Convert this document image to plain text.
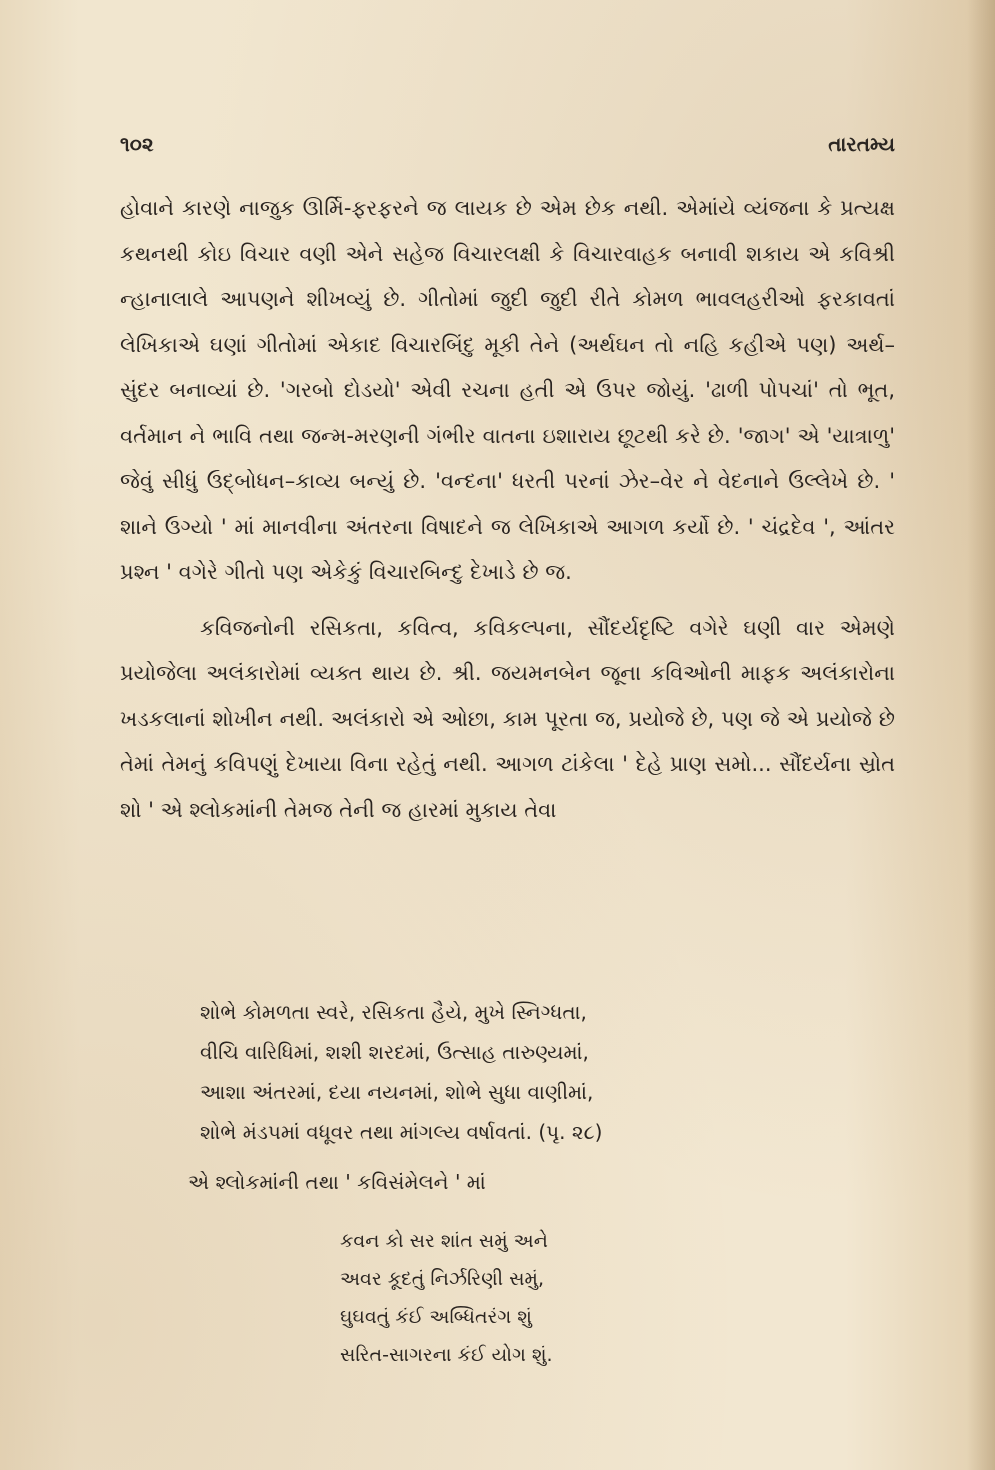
૧૦૨	તારતમ્ય

હોવાને કારણે નાજુક ઊર્મિ-ફરફરને જ લાયક છે એમ છેક નથી. એમાંયે વ્યંજના કે પ્રત્યક્ષ કથનથી કોઇ વિચાર વણી એને સહેજ વિચારલક્ષી કે વિચારવાહક બનાવી શકાય એ કવિશ્રી ન્હાનાલાલે આપણને શીખવ્યું છે. ગીતોમાં જુદી જુદી રીતે કોમળ ભાવલહરીઓ ફરકાવતાં લેખિકાએ ઘણાં ગીતોમાં એકાદ વિચારબિંદુ મૂકી તેને (અર્થઘન તો નહિ કહીએ પણ) અર્થ–સુંદર બનાવ્યાં છે. 'ગરબો દોડયો' એવી રચના હતી એ ઉપર જોયું. 'ઢાળી પોપચાં' તો ભૂત, વર્તમાન ને ભાવિ તથા જન્મ-મરણની ગંભીર વાતના ઇશારાય છૂટથી કરે છે. 'જાગ' એ 'યાત્રાળુ' જેવું સીધું ઉદ્બોધન–કાવ્ય બન્યું છે. 'વન્દના' ધરતી પરનાં ઝેર–વેર ને વેદનાને ઉલ્લેખે છે. ' શાને ઉગ્યો ' માં માનવીના અંતરના વિષાદને જ લેખિકાએ આગળ કર્યો છે. ' ચંદ્રદેવ ', આંતર પ્રશ્ન ' વગેરે ગીતો પણ એકેકું વિચારબિન્દુ દેખાડે છે જ.

કવિજનોની રસિકતા, કવિત્વ, કવિકલ્પના, સૌંદર્યદૃષ્ટિ વગેરે ઘણી વાર એમણે પ્રયોજેલા અલંકારોમાં વ્યક્ત થાય છે. શ્રી. જયમનબેન જૂના કવિઓની માફક અલંકારોના ખડકલાનાં શોખીન નથી. અલંકારો એ ઓછા, કામ પૂરતા જ, પ્રયોજે છે, પણ જે એ પ્રયોજે છે તેમાં તેમનું કવિપણું દેખાયા વિના રહેતું નથી. આગળ ટાંકેલા ' દેહે પ્રાણ સમો... સૌંદર્યના સ્રોત શો ' એ શ્લોકમાંની તેમજ તેની જ હારમાં મુકાય તેવા

શોભે કોમળતા સ્વરે, રસિકતા હૈયે, મુખે સ્નિગ્ધતા,
વીચિ વારિધિમાં, શશી શરદમાં, ઉત્સાહ તારુણ્યમાં,
આશા અંતરમાં, દયા નયનમાં, શોભે સુધા વાણીમાં,
શોભે મંડપમાં વધૂવર તથા માંગલ્ય વર્ષાવતાં. (પૃ. ૨૮)
એ શ્લોકમાંની તથા ' કવિસંમેલને ' માં
કવન કો સર શાંત સમું અને
અવર કૂદતું નિર્ઝરિણી સમું,
ઘુઘવતું કંઈ અબ્ધિતરંગ શું
સરિત-સાગરના કંઈ યોગ શું.
